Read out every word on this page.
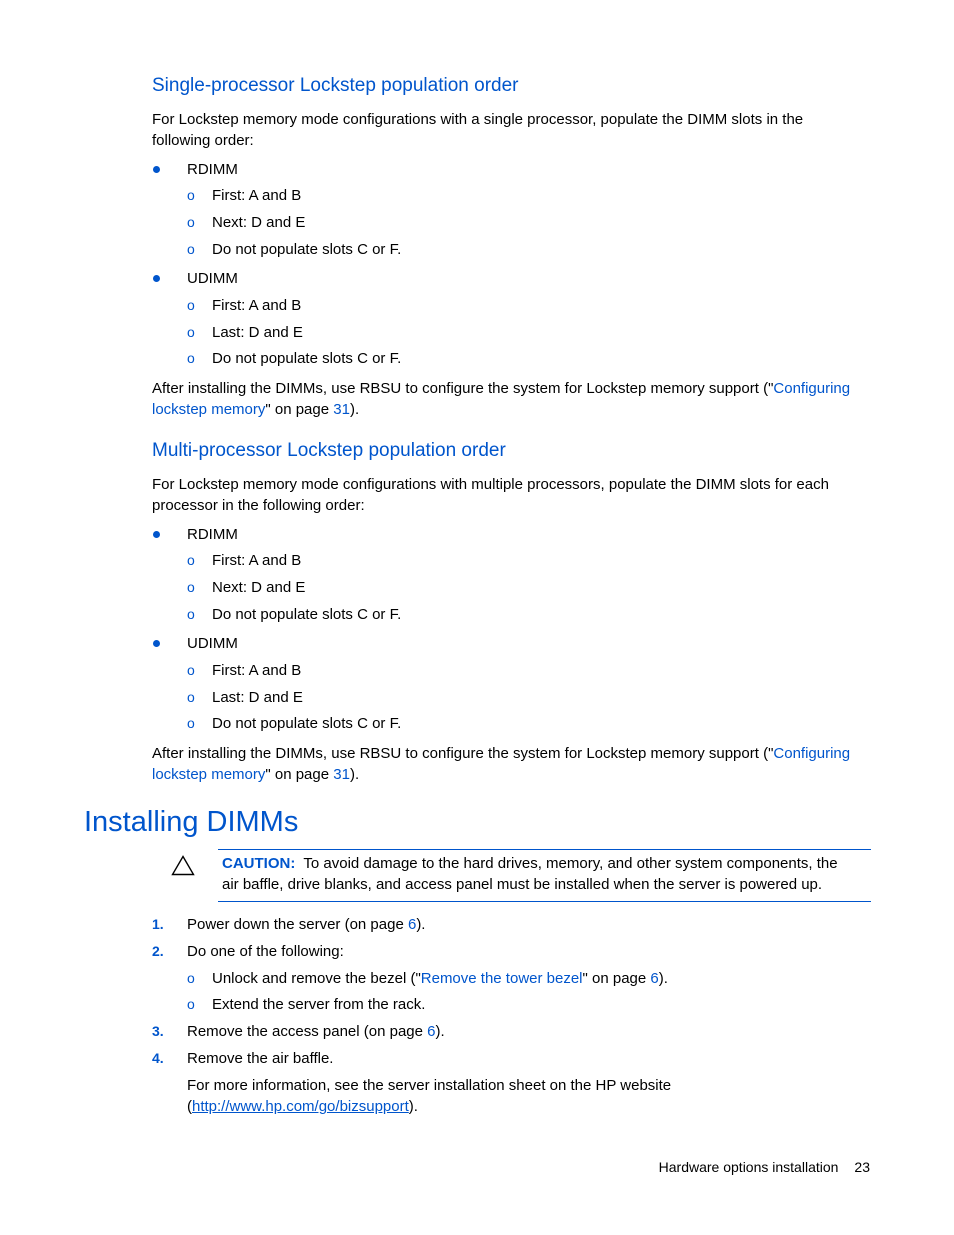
Single-processor Lockstep population order
For Lockstep memory mode configurations with a single processor, populate the DIMM slots in the
following order:
RDIMM
o First: A and B
o Next: D and E
o Do not populate slots C or F.
UDIMM
o First: A and B
o Last: D and E
o Do not populate slots C or F.
After installing the DIMMs, use RBSU to configure the system for Lockstep memory support ("Configuring
lockstep memory" on page 31).
Multi-processor Lockstep population order
For Lockstep memory mode configurations with multiple processors, populate the DIMM slots for each
processor in the following order:
RDIMM
o First: A and B
o Next: D and E
o Do not populate slots C or F.
UDIMM
o First: A and B
o Last: D and E
o Do not populate slots C or F.
After installing the DIMMs, use RBSU to configure the system for Lockstep memory support ("Configuring
lockstep memory" on page 31).
Installing DIMMs
CAUTION: To avoid damage to the hard drives, memory, and other system components, the
air baffle, drive blanks, and access panel must be installed when the server is powered up.
1. Power down the server (on page 6).
2. Do one of the following:
o Unlock and remove the bezel ("Remove the tower bezel" on page 6).
o Extend the server from the rack.
3. Remove the access panel (on page 6).
4. Remove the air baffle.
For more information, see the server installation sheet on the HP website
(http://www.hp.com/go/bizsupport).
Hardware options installation 23
